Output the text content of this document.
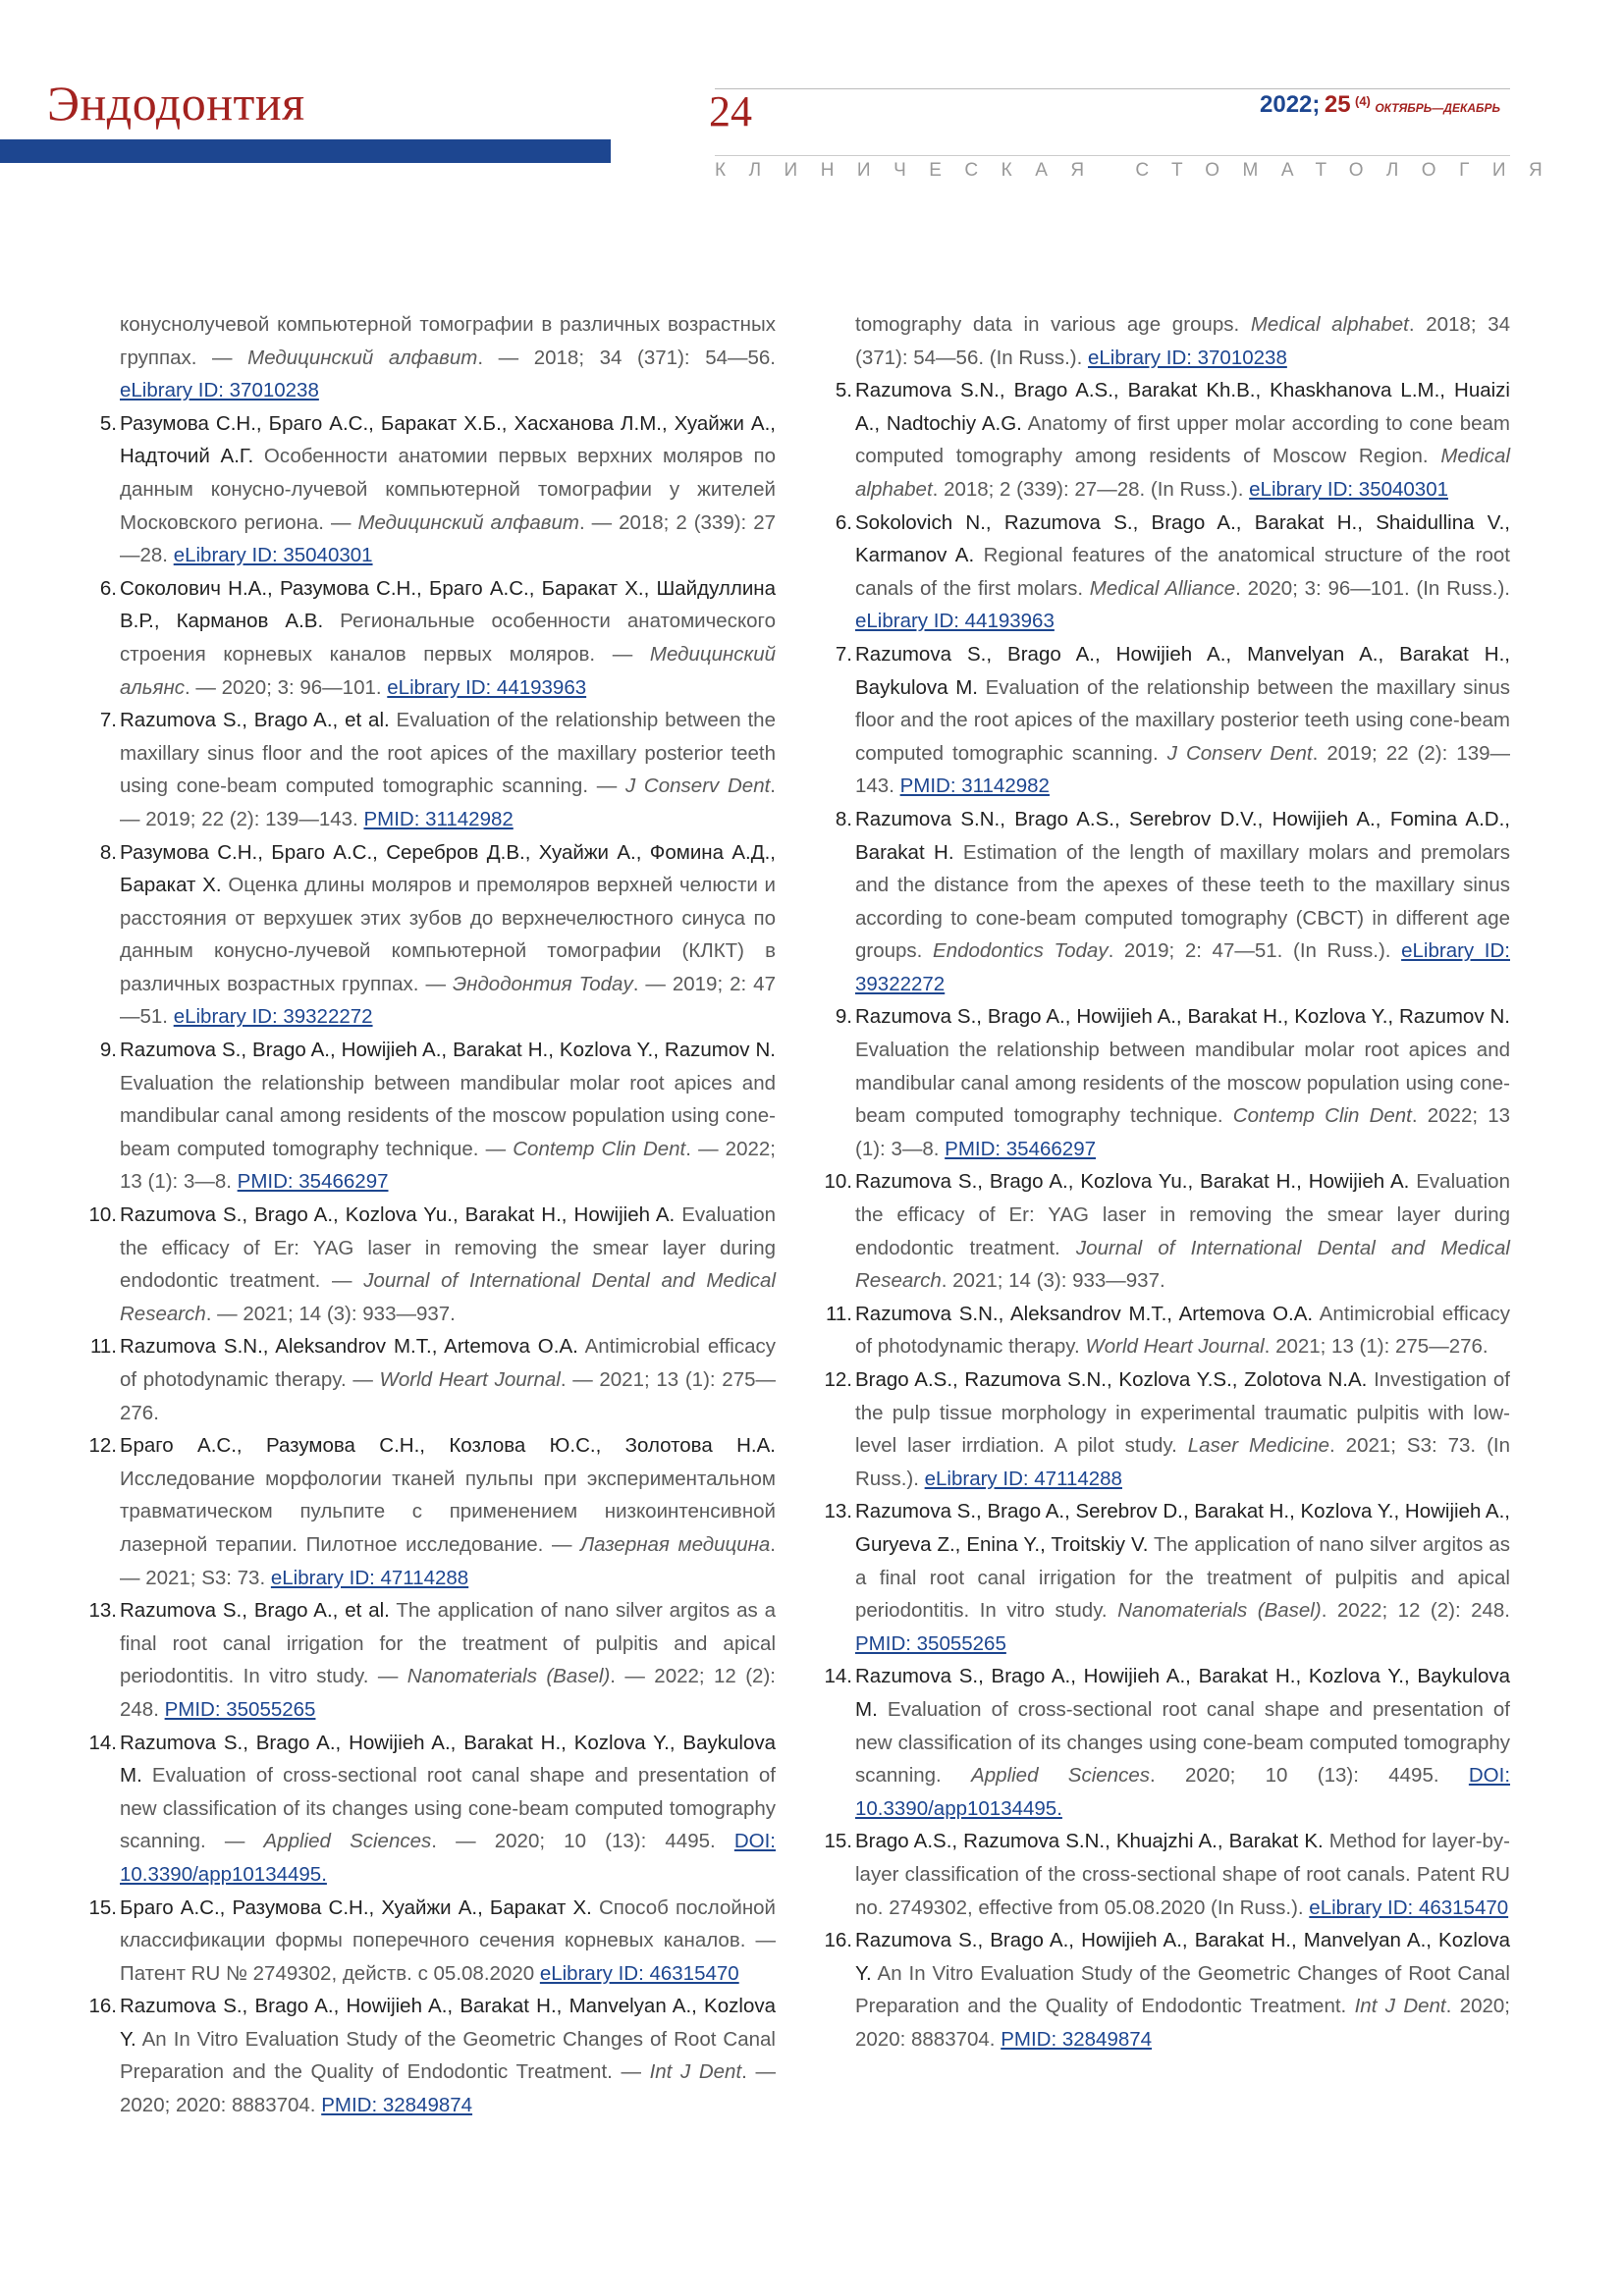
Эндодонтия	24	2022; 25 $^{(4)}$ ОКТЯБРЬ—ДЕКАБРЬ
КЛИНИЧЕСКАЯ СТОМАТОЛОГИЯ
конуснолучевой компьютерной томографии в различных возрастных группах. — Медицинский алфавит. — 2018; 34 (371): 54—56. eLibrary ID: 37010238
5. Разумова С.Н., Браго А.С., Баракат Х.Б., Хасханова Л.М., Хуайжи А., Надточий А.Г. Особенности анатомии первых верхних моляров по данным конусно-лучевой компьютерной томографии у жителей Московского региона. — Медицинский алфавит. — 2018; 2 (339): 27—28. eLibrary ID: 35040301
6. Соколович Н.А., Разумова С.Н., Браго А.С., Баракат Х., Шайдуллина В.Р., Карманов А.В. Региональные особенности анатомического строения корневых каналов первых моляров. — Медицинский альянс. — 2020; 3: 96—101. eLibrary ID: 44193963
7. Razumova S., Brago A., et al. Evaluation of the relationship between the maxillary sinus floor and the root apices of the maxillary posterior teeth using cone-beam computed tomographic scanning. — J Conserv Dent. — 2019; 22 (2): 139—143. PMID: 31142982
8. Разумова С.Н., Браго А.С., Серебров Д.В., Хуайжи А., Фомина А.Д., Баракат Х. Оценка длины моляров и премоляров верхней челюсти и расстояния от верхушек этих зубов до верхнечелюстного синуса по данным конусно-лучевой компьютерной томографии (КЛКТ) в различных возрастных группах. — Эндодонтия Today. — 2019; 2: 47—51. eLibrary ID: 39322272
9. Razumova S., Brago A., Howijieh A., Barakat H., Kozlova Y., Razumov N. Evaluation the relationship between mandibular molar root apices and mandibular canal among residents of the moscow population using cone-beam computed tomography technique. — Contemp Clin Dent. — 2022; 13 (1): 3—8. PMID: 35466297
10. Razumova S., Brago A., Kozlova Yu., Barakat H., Howijieh A. Evaluation the efficacy of Er: YAG laser in removing the smear layer during endodontic treatment. — Journal of International Dental and Medical Research. — 2021; 14 (3): 933—937.
11. Razumova S.N., Aleksandrov M.T., Artemova O.A. Antimicrobial efficacy of photodynamic therapy. — World Heart Journal. — 2021; 13 (1): 275—276.
12. Браго А.С., Разумова С.Н., Козлова Ю.С., Золотова Н.А. Исследование морфологии тканей пульпы при экспериментальном травматическом пульпите с применением низкоинтенсивной лазерной терапии. Пилотное исследование. — Лазерная медицина. — 2021; S3: 73. eLibrary ID: 47114288
13. Razumova S., Brago A., et al. The application of nano silver argitos as a final root canal irrigation for the treatment of pulpitis and apical periodontitis. In vitro study. — Nanomaterials (Basel). — 2022; 12 (2): 248. PMID: 35055265
14. Razumova S., Brago A., Howijieh A., Barakat H., Kozlova Y., Baykulova M. Evaluation of cross-sectional root canal shape and presentation of new classification of its changes using cone-beam computed tomography scanning. — Applied Sciences. — 2020; 10 (13): 4495. DOI: 10.3390/app10134495.
15. Браго А.С., Разумова С.Н., Хуайжи А., Баракат Х. Способ послойной классификации формы поперечного сечения корневых каналов. — Патент RU № 2749302, действ. с 05.08.2020 eLibrary ID: 46315470
16. Razumova S., Brago A., Howijieh A., Barakat H., Manvelyan A., Kozlova Y. An In Vitro Evaluation Study of the Geometric Changes of Root Canal Preparation and the Quality of Endodontic Treatment. — Int J Dent. — 2020; 2020: 8883704. PMID: 32849874
tomography data in various age groups. Medical alphabet. 2018; 34 (371): 54—56. (In Russ.). eLibrary ID: 37010238
5. Razumova S.N., Brago A.S., Barakat Kh.B., Khaskhanova L.M., Huaizi A., Nadtochiy A.G. Anatomy of first upper molar according to cone beam computed tomography among residents of Moscow Region. Medical alphabet. 2018; 2 (339): 27—28. (In Russ.). eLibrary ID: 35040301
6. Sokolovich N., Razumova S., Brago A., Barakat H., Shaidullina V., Karmanov A. Regional features of the anatomical structure of the root canals of the first molars. Medical Alliance. 2020; 3: 96—101. (In Russ.). eLibrary ID: 44193963
7. Razumova S., Brago A., Howijieh A., Manvelyan A., Barakat H., Baykulova M. Evaluation of the relationship between the maxillary sinus floor and the root apices of the maxillary posterior teeth using cone-beam computed tomographic scanning. J Conserv Dent. 2019; 22 (2): 139—143. PMID: 31142982
8. Razumova S.N., Brago A.S., Serebrov D.V., Howijieh A., Fomina A.D., Barakat H. Estimation of the length of maxillary molars and premolars and the distance from the apexes of these teeth to the maxillary sinus according to cone-beam computed tomography (CBCT) in different age groups. Endodontics Today. 2019; 2: 47—51. (In Russ.). eLibrary ID: 39322272
9. Razumova S., Brago A., Howijieh A., Barakat H., Kozlova Y., Razumov N. Evaluation the relationship between mandibular molar root apices and mandibular canal among residents of the moscow population using cone-beam computed tomography technique. Contemp Clin Dent. 2022; 13 (1): 3—8. PMID: 35466297
10. Razumova S., Brago A., Kozlova Yu., Barakat H., Howijieh A. Evaluation the efficacy of Er: YAG laser in removing the smear layer during endodontic treatment. Journal of International Dental and Medical Research. 2021; 14 (3): 933—937.
11. Razumova S.N., Aleksandrov M.T., Artemova O.A. Antimicrobial efficacy of photodynamic therapy. World Heart Journal. 2021; 13 (1): 275—276.
12. Brago A.S., Razumova S.N., Kozlova Y.S., Zolotova N.A. Investigation of the pulp tissue morphology in experimental traumatic pulpitis with low-level laser irrdiation. A pilot study. Laser Medicine. 2021; S3: 73. (In Russ.). eLibrary ID: 47114288
13. Razumova S., Brago A., Serebrov D., Barakat H., Kozlova Y., Howijieh A., Guryeva Z., Enina Y., Troitskiy V. The application of nano silver argitos as a final root canal irrigation for the treatment of pulpitis and apical periodontitis. In vitro study. Nanomaterials (Basel). 2022; 12 (2): 248. PMID: 35055265
14. Razumova S., Brago A., Howijieh A., Barakat H., Kozlova Y., Baykulova M. Evaluation of cross-sectional root canal shape and presentation of new classification of its changes using cone-beam computed tomography scanning. Applied Sciences. 2020; 10 (13): 4495. DOI: 10.3390/app10134495.
15. Brago A.S., Razumova S.N., Khuajzhi A., Barakat K. Method for layer-by-layer classification of the cross-sectional shape of root canals. Patent RU no. 2749302, effective from 05.08.2020 (In Russ.). eLibrary ID: 46315470
16. Razumova S., Brago A., Howijieh A., Barakat H., Manvelyan A., Kozlova Y. An In Vitro Evaluation Study of the Geometric Changes of Root Canal Preparation and the Quality of Endodontic Treatment. Int J Dent. 2020; 2020: 8883704. PMID: 32849874
